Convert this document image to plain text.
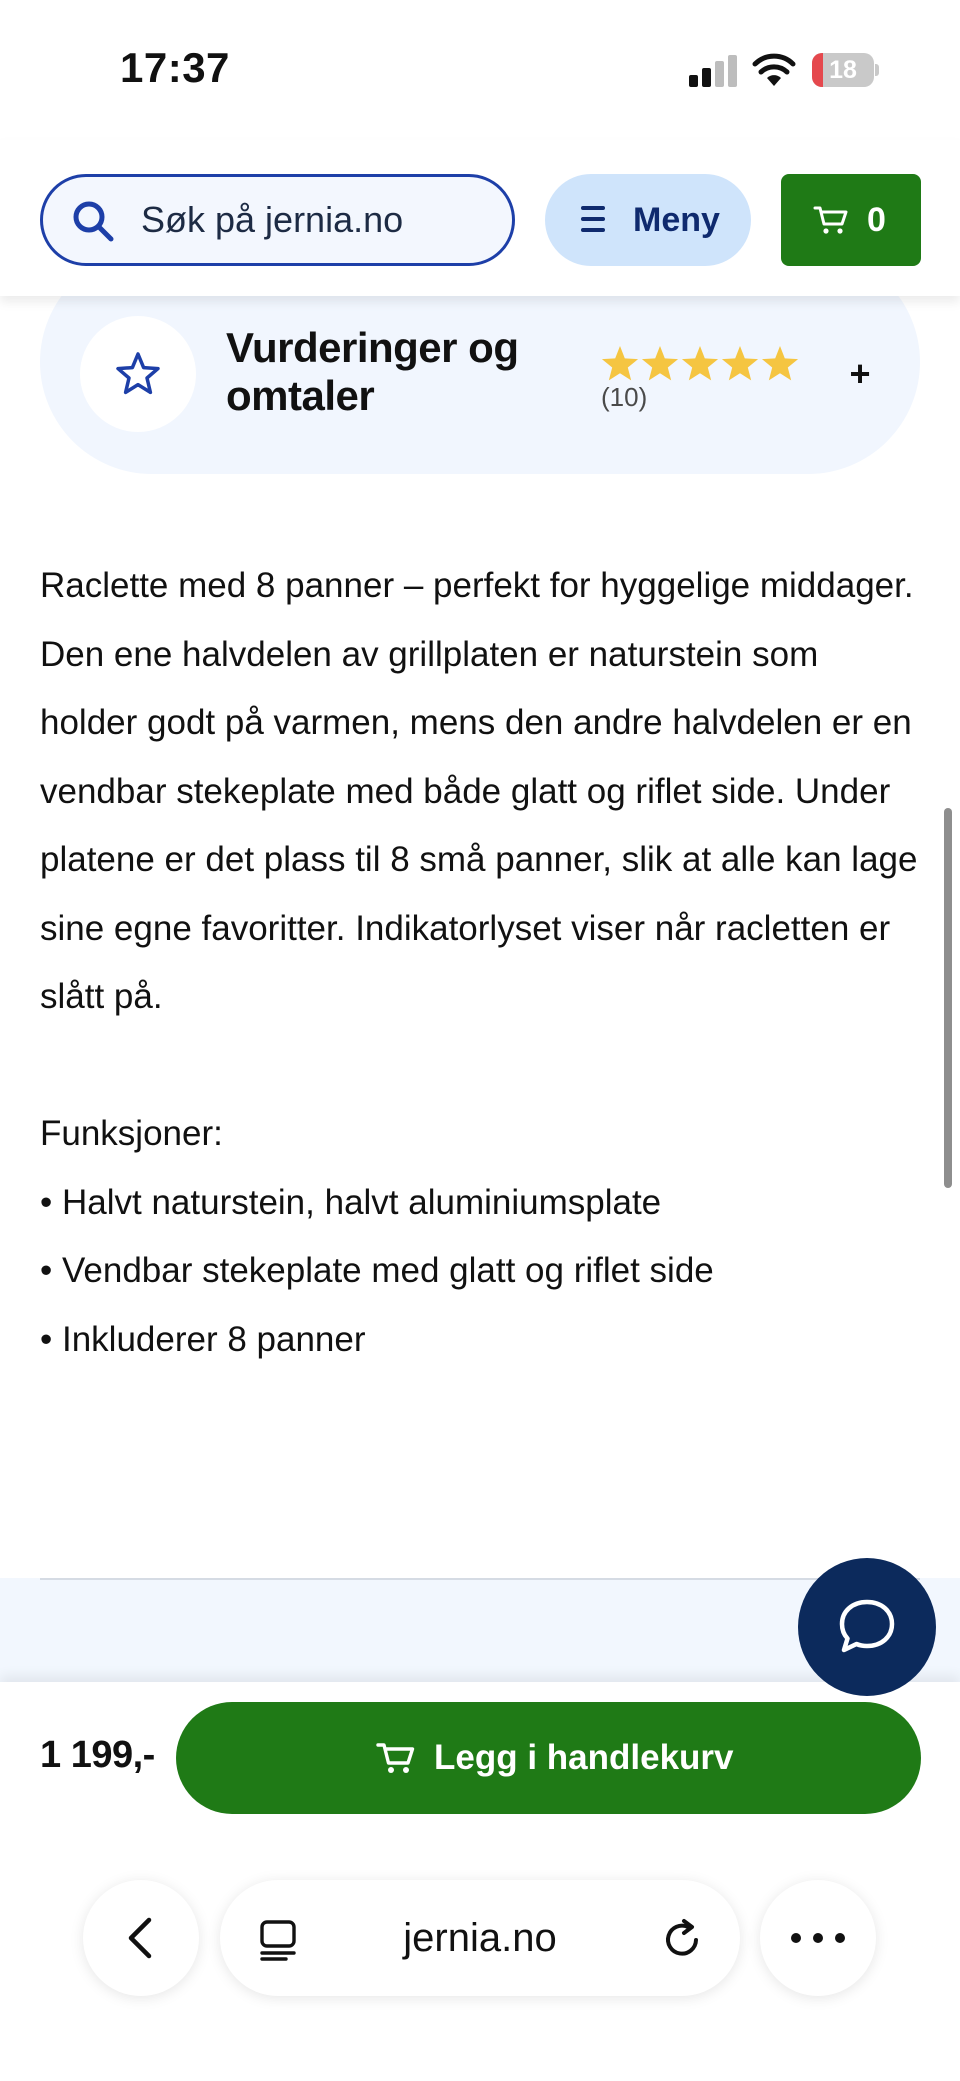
17:37	18
Søk på jernia.no	Meny	0
Vurderinger og omtaler	(10)
+
Raclette med 8 panner – perfekt for hyggelige middager. Den ene halvdelen av grillplaten er naturstein som holder godt på varmen, mens den andre halvdelen er en vendbar stekeplate med både glatt og riflet side. Under platene er det plass til 8 små panner, slik at alle kan lage sine egne favoritter. Indikatorlyset viser når racletten er slått på.
Funksjoner:
• Halvt naturstein, halvt aluminiumsplate
• Vendbar stekeplate med glatt og riflet side
• Inkluderer 8 panner
1 199,-	Legg i handlekurv
jernia.no
